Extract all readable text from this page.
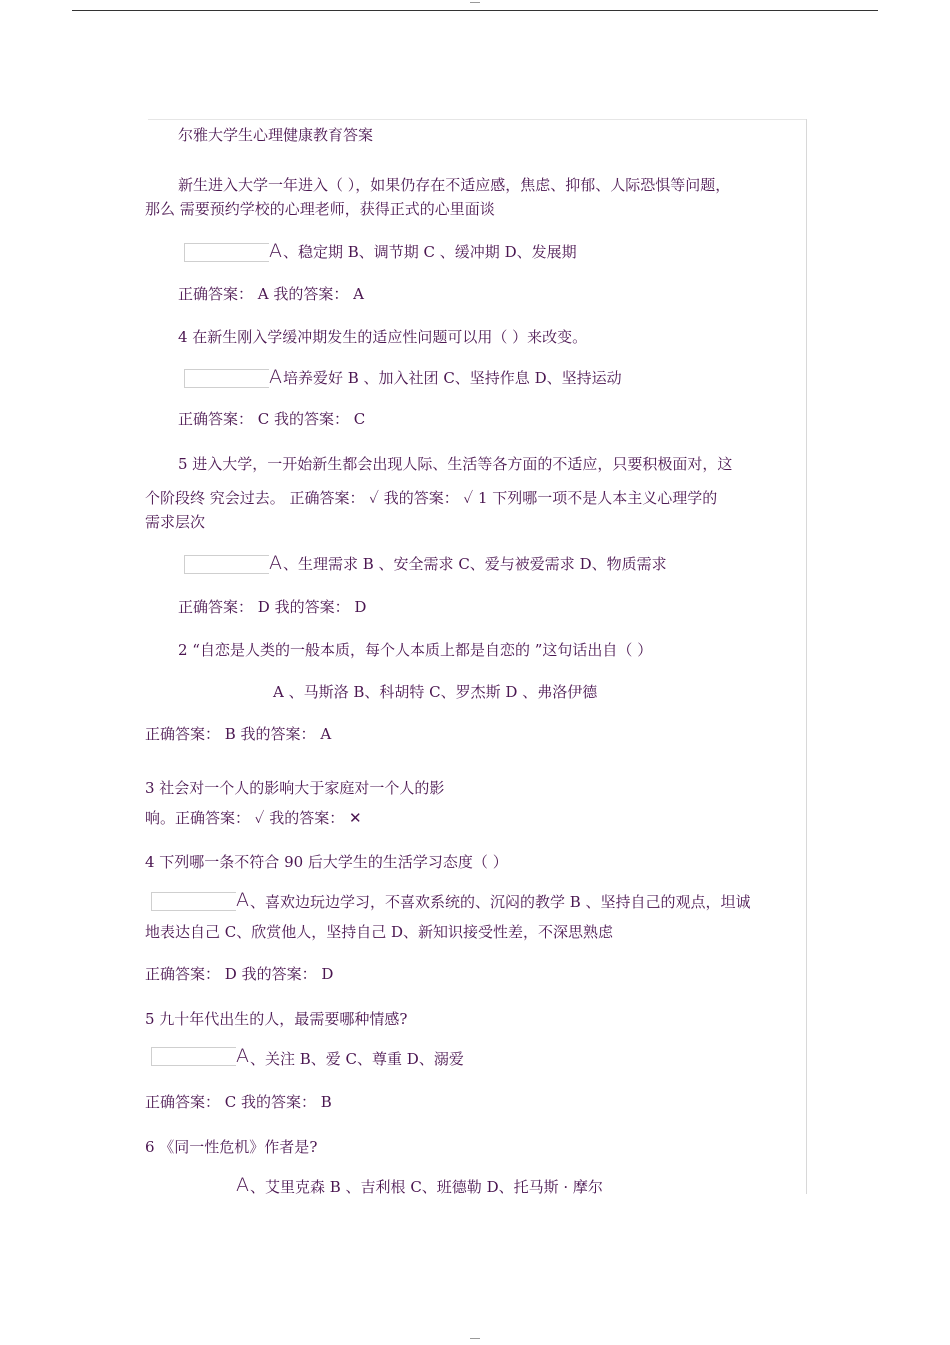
尔雅大学生心理健康教育答案
新生进入大学一年进入（ ），如果仍存在不适应感，焦虑、抑郁、人际恐惧等问题，
那么 需要预约学校的心理老师，获得正式的心里面谈
A 、稳定期 B、调节期 C 、缓冲期 D、发展期
正确答案： A 我的答案： A
4 在新生刚入学缓冲期发生的适应性问题可以用（ ）来改变。
A 培养爱好 B 、加入社团 C、坚持作息 D、坚持运动
正确答案： C 我的答案： C
5 进入大学，一开始新生都会出现人际、生活等各方面的不适应，只要积极面对，这
个阶段终 究会过去。 正确答案： ✓ 我的答案： ✓ 1 下列哪一项不是人本主义心理学的
需求层次
A 、生理需求 B 、安全需求 C、爱与被爱需求 D、物质需求
正确答案： D 我的答案： D
2 “自恋是人类的一般本质，每个人本质上都是自恋的 ”这句话出自（ ）
A 、马斯洛 B、科胡特 C、罗杰斯 D 、弗洛伊德
正确答案： B 我的答案： A
3 社会对一个人的影响大于家庭对一个人的影
响。正确答案： ✓ 我的答案： ✕
4 下列哪一条不符合 90 后大学生的生活学习态度（ ）
A 、喜欢边玩边学习，不喜欢系统的、沉闷的教学 B 、坚持自己的观点，坦诚
地表达自己 C、欣赏他人，坚持自己 D、新知识接受性差，不深思熟虑
正确答案： D 我的答案： D
5 九十年代出生的人，最需要哪种情感?
A 、关注 B、爱 C、尊重 D、溺爱
正确答案： C 我的答案： B
6 《同一性危机》作者是?
A 、艾里克森 B 、吉利根 C、班德勒 D、托马斯 · 摩尔
